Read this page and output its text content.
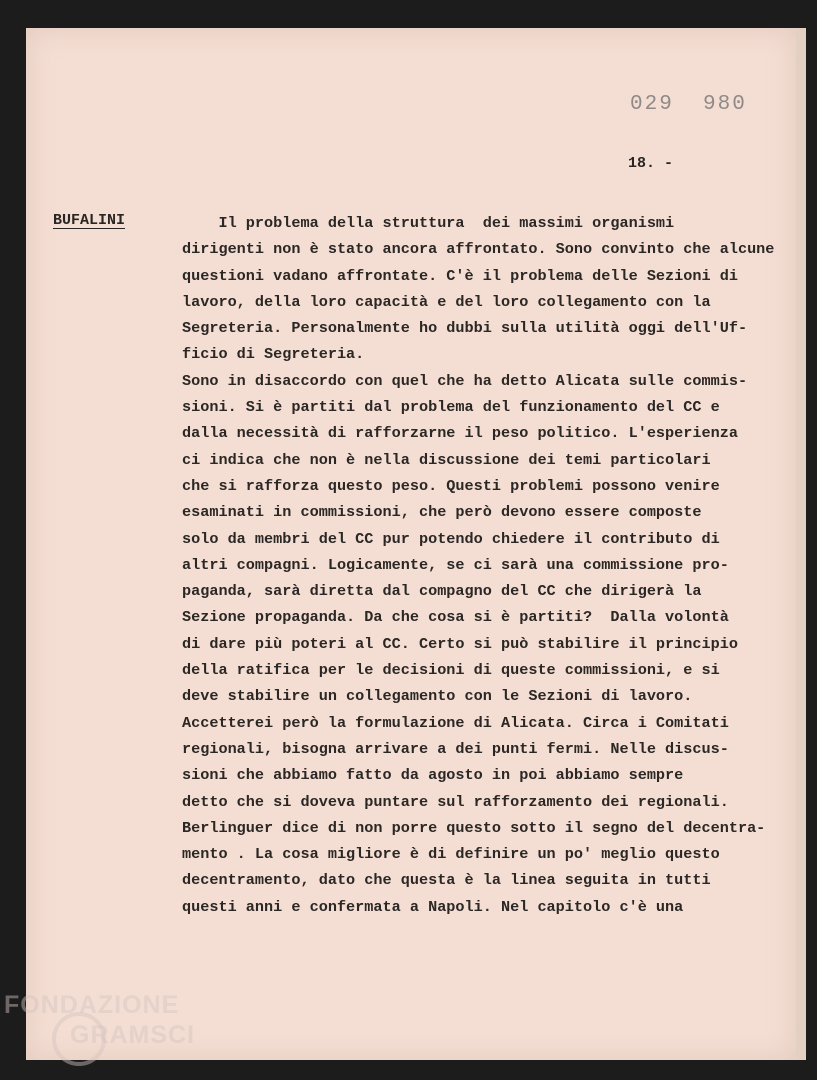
029  980
18. -
BUFALINI	Il problema della struttura  dei massimi organismi
dirigenti non è stato ancora affrontato. Sono convinto che alcune
questioni vadano affrontate. C'è il problema delle Sezioni di
lavoro, della loro capacità e del loro collegamento con la
Segreteria. Personalmente ho dubbi sulla utilità oggi dell'Uf-
ficio di Segreteria.
Sono in disaccordo con quel che ha detto Alicata sulle commis-
sioni. Si è partiti dal problema del funzionamento del CC e
dalla necessità di rafforzarne il peso politico. L'esperienza
ci indica che non è nella discussione dei temi particolari
che si rafforza questo peso. Questi problemi possono venire
esaminati in commissioni, che però devono essere composte
solo da membri del CC pur potendo chiedere il contributo di
altri compagni. Logicamente, se ci sarà una commissione pro-
paganda, sarà diretta dal compagno del CC che dirigerà la
Sezione propaganda. Da che cosa si è partiti?  Dalla volontà
di dare più poteri al CC. Certo si può stabilire il principio
della ratifica per le decisioni di queste commissioni, e si
deve stabilire un collegamento con le Sezioni di lavoro.
Accetterei però la formulazione di Alicata. Circa i Comitati
regionali, bisogna arrivare a dei punti fermi. Nelle discus-
sioni che abbiamo fatto da agosto in poi abbiamo sempre
detto che si doveva puntare sul rafforzamento dei regionali.
Berlinguer dice di non porre questo sotto il segno del decentra-
mento . La cosa migliore è di definire un po' meglio questo
decentramento, dato che questa è la linea seguita in tutti
questi anni e confermata a Napoli. Nel capitolo c'è una
FONDAZIONE
GRAMSCI
